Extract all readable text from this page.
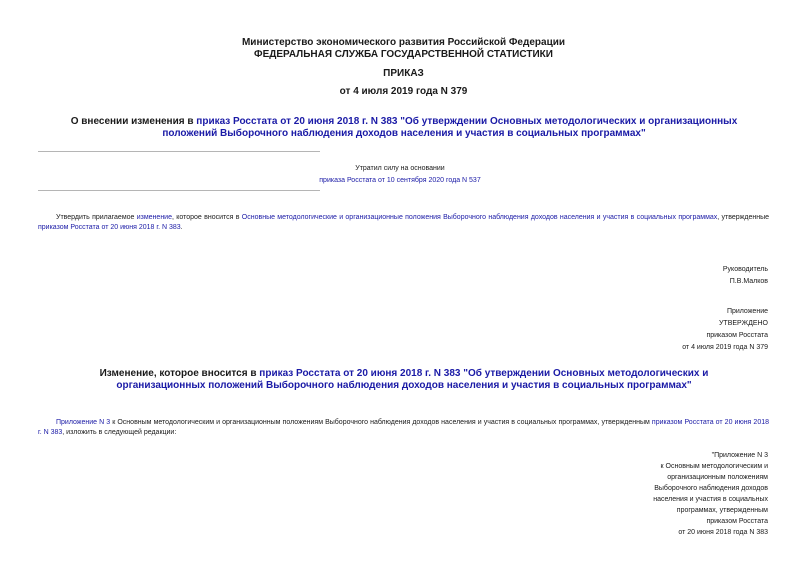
Министерство экономического развития Российской Федерации
ФЕДЕРАЛЬНАЯ СЛУЖБА ГОСУДАРСТВЕННОЙ СТАТИСТИКИ
ПРИКАЗ
от 4 июля 2019 года N 379
О внесении изменения в приказ Росстата от 20 июня 2018 г. N 383 "Об утверждении Основных методологических и организационных положений Выборочного наблюдения доходов населения и участия в социальных программах"
Утратил силу на основании
приказа Росстата от 10 сентября 2020 года N 537
Утвердить прилагаемое изменение, которое вносится в Основные методологические и организационные положения Выборочного наблюдения доходов населения и участия в социальных программах, утвержденные приказом Росстата от 20 июня 2018 г. N 383.
Руководитель
П.В.Малков
Приложение
УТВЕРЖДЕНО
приказом Росстата
от 4 июля 2019 года N 379
Изменение, которое вносится в приказ Росстата от 20 июня 2018 г. N 383 "Об утверждении Основных методологических и организационных положений Выборочного наблюдения доходов населения и участия в социальных программах"
Приложение N 3 к Основным методологическим и организационным положениям Выборочного наблюдения доходов населения и участия в социальных программах, утвержденным приказом Росстата от 20 июня 2018 г. N 383, изложить в следующей редакции:
"Приложение N 3
к Основным методологическим и
организационным положениям
Выборочного наблюдения доходов
населения и участия в социальных
программах, утвержденным
приказом Росстата
от 20 июня 2018 года N 383
